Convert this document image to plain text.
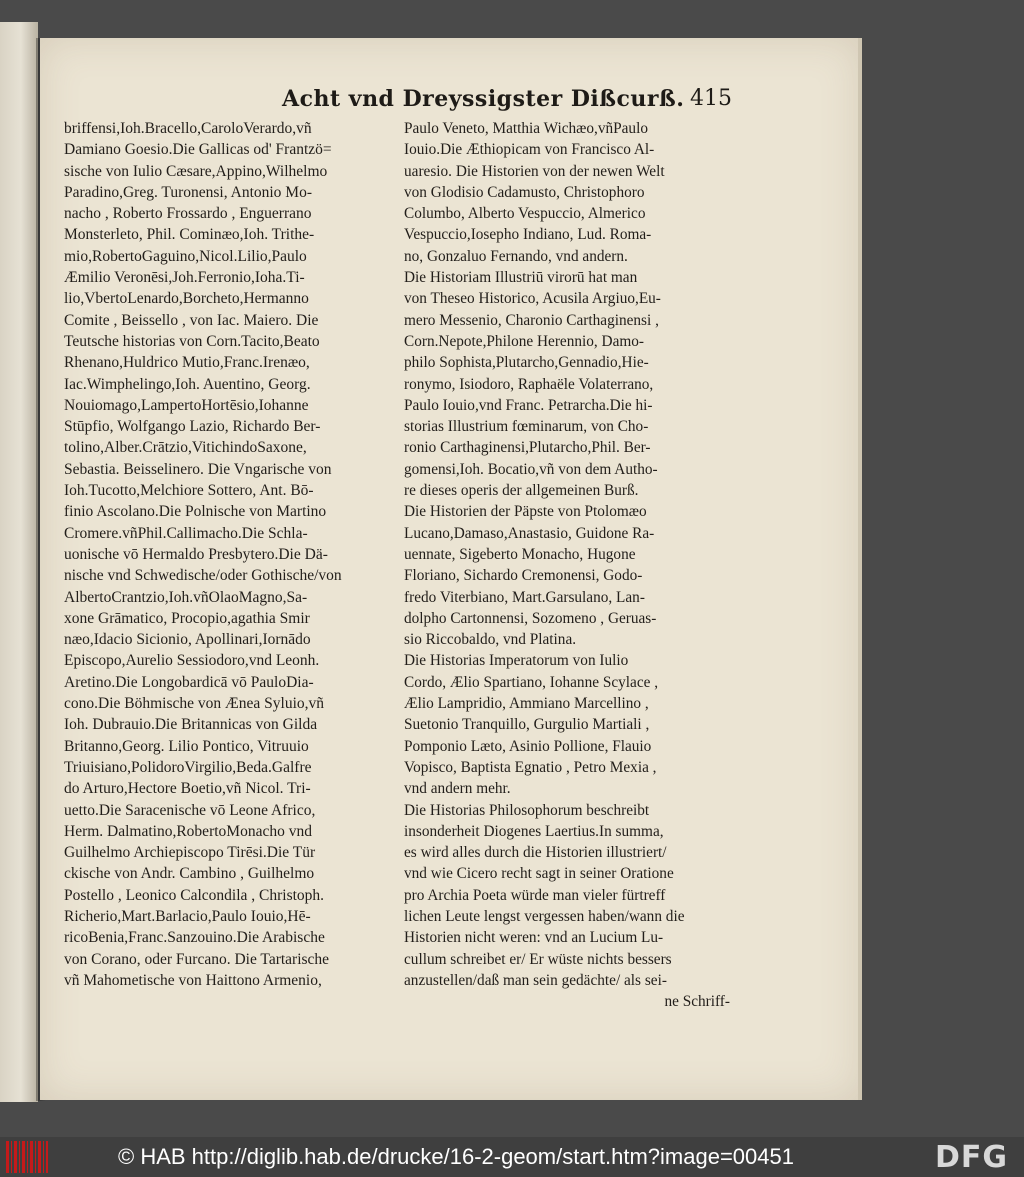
Acht vnd Dreyssigster Dißcurß. 415
briffensi,Ioh.Bracello,CaroloVerardo,vñ
Damiano Goesio.Die Gallicas od' Frantzö=
sische von Iulio Cæsare,Appino,Wilhelmo
Paradino,Greg. Turonensi, Antonio Mo-
nacho , Roberto Frossardo , Enguerrano
Monsterleto, Phil. Cominæo,Ioh. Trithe-
mio,RobertoGaguino,Nicol.Lilio,Paulo
Æmilio Veronēsi,Joh.Ferronio,Ioha.Ti-
lio,VbertoLenardo,Borcheto,Hermanno
Comite , Beissello , von Iac. Maiero. Die
Teutsche historias von Corn.Tacito,Beato
Rhenano,Huldrico Mutio,Franc.Irenæo,
Iac.Wimphelingo,Ioh. Auentino, Georg.
Nouiomago,LampertoHortēsio,Iohanne
Stūpfio, Wolfgango Lazio, Richardo Ber-
tolino,Alber.Crātzio,VitichindoSaxone,
Sebastia. Beisselinero. Die Vngarische von
Ioh.Tucotto,Melchiore Sottero, Ant. Bō-
finio Ascolano.Die Polnische von Martino
Cromere.vñPhil.Callimacho.Die Schla-
uonische vō Hermaldo Presbytero.Die Dä-
nische vnd Schwedische/oder Gothische/von
AlbertoCrantzio,Ioh.vñOlaoMagno,Sa-
xone Grāmatico, Procopio,agathia Smir
næo,Idacio Sicionio, Apollinari,Iornādo
Episcopo,Aurelio Sessiodoro,vnd Leonh.
Aretino.Die Longobardicā vō PauloDia-
cono.Die Böhmische von Ænea Syluio,vñ
Ioh. Dubrauio.Die Britannicas von Gilda
Britanno,Georg. Lilio Pontico, Vitruuio
Triuisiano,PolidoroVirgilio,Beda.Galfre
do Arturo,Hectore Boetio,vñ Nicol. Tri-
uetto.Die Saracenische vō Leone Africo,
Herm. Dalmatino,RobertoMonacho vnd
Guilhelmo Archiepiscopo Tirēsi.Die Tür
ckische von Andr. Cambino , Guilhelmo
Postello , Leonico Calcondila , Christoph.
Richerio,Mart.Barlacio,Paulo Iouio,Hē-
ricoBenia,Franc.Sanzouino.Die Arabische
von Corano, oder Furcano. Die Tartarische
vñ Mahometische von Haittono Armenio,
Paulo Veneto, Matthia Wichæo,vñPaulo
Iouio.Die Æthiopicam von Francisco Al-
uaresio. Die Historien von der newen Welt
von Glodisio Cadamusto, Christophoro
Columbo, Alberto Vespuccio, Almerico
Vespuccio,Iosepho Indiano, Lud. Roma-
no, Gonzaluo Fernando, vnd andern.
Die Historiam Illustriū virorū hat man
von Theseo Historico, Acusila Argiuo,Eu-
mero Messenio, Charonio Carthaginensi ,
Corn.Nepote,Philone Herennio, Damo-
philo Sophista,Plutarcho,Gennadio,Hie-
ronymo, Isiodoro, Raphaële Volaterrano,
Paulo Iouio,vnd Franc. Petrarcha.Die hi-
storias Illustrium fœminarum, von Cho-
ronio Carthaginensi,Plutarcho,Phil. Ber-
gomensi,Ioh. Bocatio,vñ von dem Autho-
re dieses operis der allgemeinen Burß.
Die Historien der Päpste von Ptolomæo
Lucano,Damaso,Anastasio, Guidone Ra-
uennate, Sigeberto Monacho, Hugone
Floriano, Sichardo Cremonensi, Godo-
fredo Viterbiano, Mart.Garsulano, Lan-
dolpho Cartonnensi, Sozomeno , Geruas-
sio Riccobaldo, vnd Platina.
Die Historias Imperatorum von Iulio
Cordo, Ælio Spartiano, Iohanne Scylace ,
Ælio Lampridio, Ammiano Marcellino ,
Suetonio Tranquillo, Gurgulio Martiali ,
Pomponio Læto, Asinio Pollione, Flauio
Vopisco, Baptista Egnatio , Petro Mexia ,
vnd andern mehr.
Die Historias Philosophorum beschreibt
insonderheit Diogenes Laertius.In summa,
es wird alles durch die Historien illustriert/
vnd wie Cicero recht sagt in seiner Oratione
pro Archia Poeta würde man vieler fürtreff
lichen Leute lengst vergessen haben/wann die
Historien nicht weren: vnd an Lucium Lu-
cullum schreibet er/ Er wüste nichts bessers
anzustellen/daß man sein gedächte/ als sei-
ne Schriff-
© HAB http://diglib.hab.de/drucke/16-2-geom/start.htm?image=00451	DFG
